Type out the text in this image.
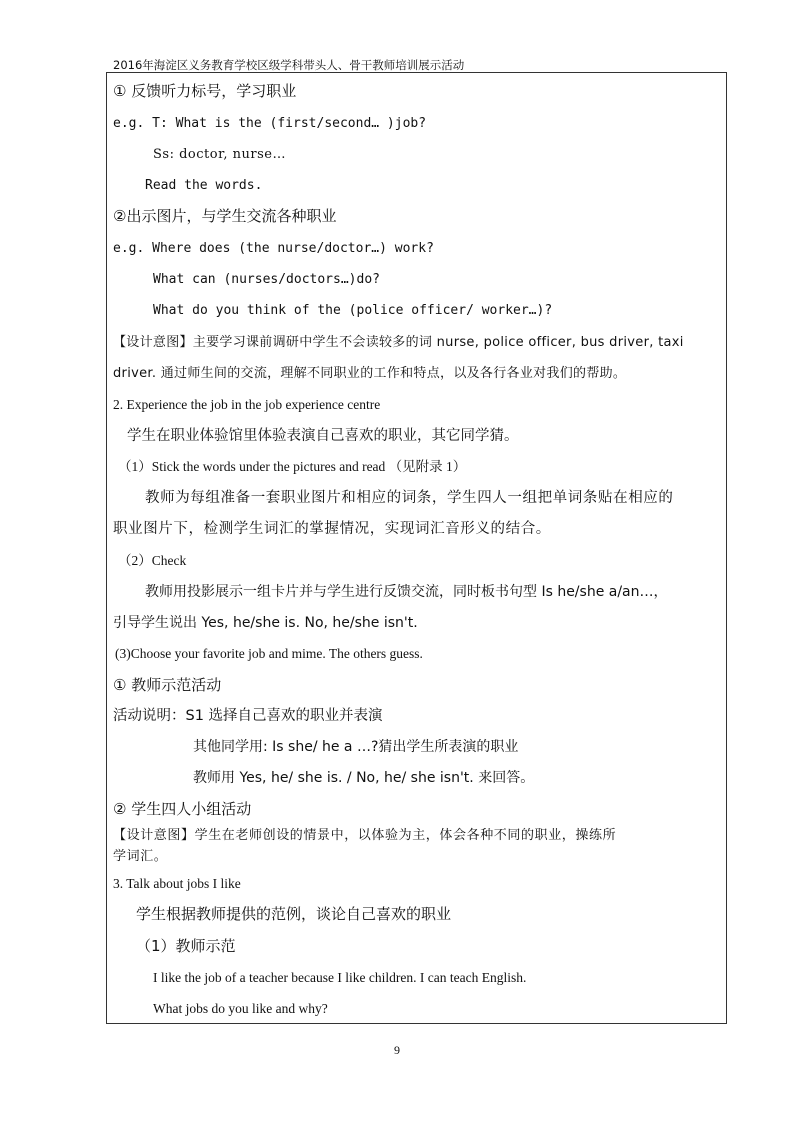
2016年海淀区义务教育学校区级学科带头人、骨干教师培训展示活动
① 反馈听力标号，学习职业
e.g. T: What is the (first/second… )job?
Ss: doctor, nurse…
Read the words.
②出示图片，与学生交流各种职业
e.g. Where does (the nurse/doctor…) work?
What can (nurses/doctors…)do?
What do you think of the (police officer/ worker…)?
【设计意图】主要学习课前调研中学生不会读较多的词 nurse, police officer, bus driver, taxi
driver. 通过师生间的交流，理解不同职业的工作和特点，以及各行各业对我们的帮助。
2. Experience the job in the job experience centre
学生在职业体验馆里体验表演自己喜欢的职业，其它同学猜。
（1）Stick the words under the pictures and read （见附录 1）
教师为每组准备一套职业图片和相应的词条，学生四人一组把单词条贴在相应的
职业图片下，检测学生词汇的掌握情况，实现词汇音形义的结合。
（2）Check
教师用投影展示一组卡片并与学生进行反馈交流，同时板书句型 Is he/she a/an…，
引导学生说出 Yes, he/she is. No, he/she isn't.
(3)Choose your favorite job and mime. The others guess.
① 教师示范活动
活动说明：S1 选择自己喜欢的职业并表演
其他同学用: Is she/ he a …?猜出学生所表演的职业
教师用 Yes, he/ she is. / No, he/ she isn't. 来回答。
② 学生四人小组活动
【设计意图】学生在老师创设的情景中，以体验为主，体会各种不同的职业，操练所
学词汇。
3. Talk about jobs I like
学生根据教师提供的范例，谈论自己喜欢的职业
（1）教师示范
I like the job of a teacher because I like children. I can teach English.
What jobs do you like and why?
9
